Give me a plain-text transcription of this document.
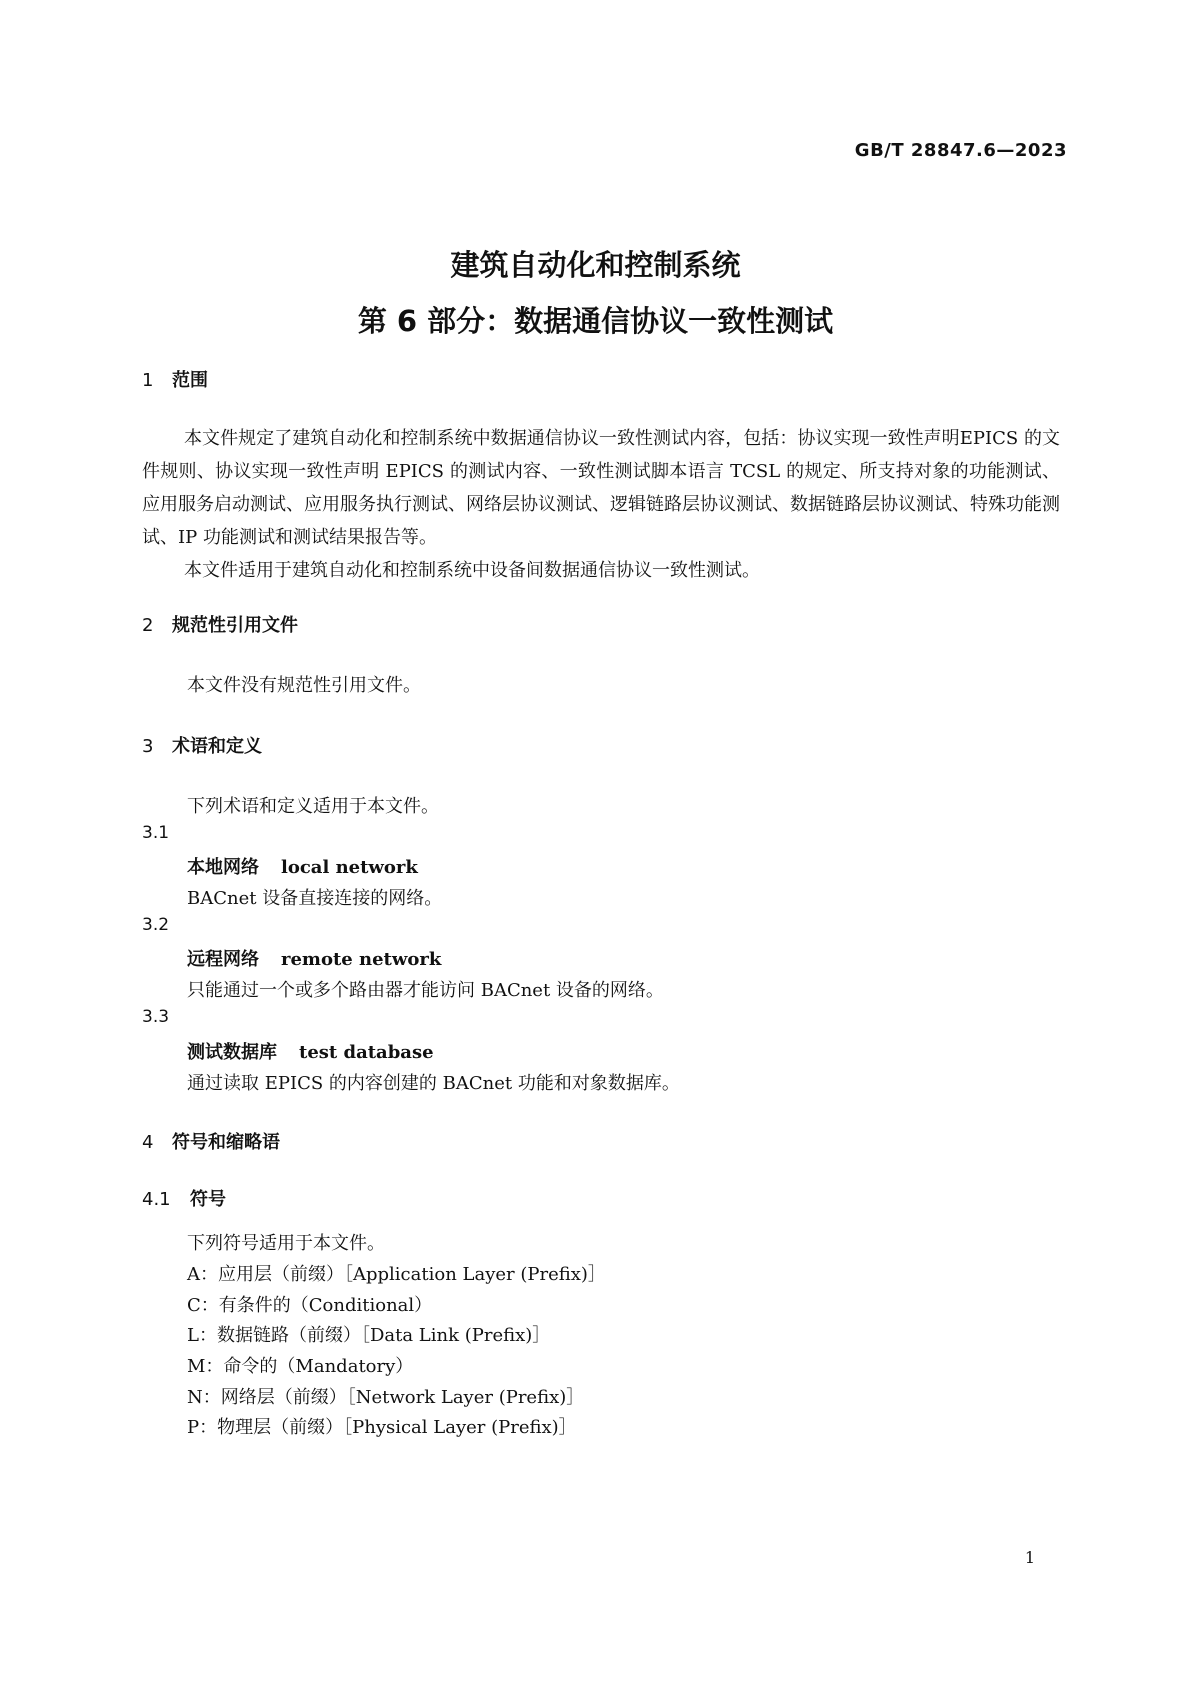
GB/T 28847.6—2023
建筑自动化和控制系统
第 6 部分：数据通信协议一致性测试
1 范围

本文件规定了建筑自动化和控制系统中数据通信协议一致性测试内容，包括：协议实现一致性声明EPICS 的文件规则、协议实现一致性声明 EPICS 的测试内容、一致性测试脚本语言 TCSL 的规定、所支持对象的功能测试、应用服务启动测试、应用服务执行测试、网络层协议测试、逻辑链路层协议测试、数据链路层协议测试、特殊功能测试、IP 功能测试和测试结果报告等。

本文件适用于建筑自动化和控制系统中设备间数据通信协议一致性测试。

2 规范性引用文件
本文件没有规范性引用文件。
3 术语和定义
下列术语和定义适用于本文件。
3.1
本地网络 local network
BACnet 设备直接连接的网络。
3.2
远程网络 remote network
只能通过一个或多个路由器才能访问 BACnet 设备的网络。
3.3
测试数据库 test database
通过读取 EPICS 的内容创建的 BACnet 功能和对象数据库。
4 符号和缩略语
4.1 符号
下列符号适用于本文件。
A：应用层（前缀）［Application Layer (Prefix)］
C：有条件的（Conditional）
L：数据链路（前缀）［Data Link (Prefix)］
M：命令的（Mandatory）
N：网络层（前缀）［Network Layer (Prefix)］
P：物理层（前缀）［Physical Layer (Prefix)］
1
